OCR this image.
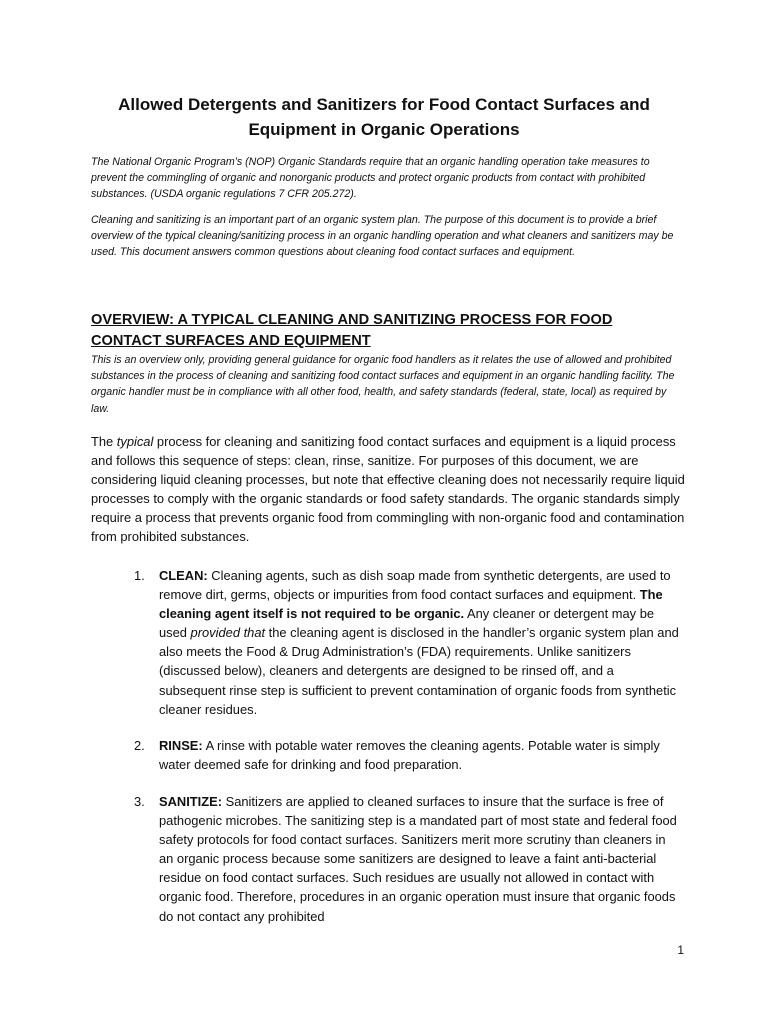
Allowed Detergents and Sanitizers for Food Contact Surfaces and
Equipment in Organic Operations
The National Organic Program’s (NOP) Organic Standards require that an organic handling operation take measures to prevent the commingling of organic and nonorganic products and protect organic products from contact with prohibited substances. (USDA organic regulations 7 CFR 205.272).
Cleaning and sanitizing is an important part of an organic system plan. The purpose of this document is to provide a brief overview of the typical cleaning/sanitizing process in an organic handling operation and what cleaners and sanitizers may be used. This document answers common questions about cleaning food contact surfaces and equipment.
OVERVIEW: A TYPICAL CLEANING AND SANITIZING PROCESS FOR FOOD
CONTACT SURFACES AND EQUIPMENT
This is an overview only, providing general guidance for organic food handlers as it relates the use of allowed and prohibited substances in the process of cleaning and sanitizing food contact surfaces and equipment in an organic handling facility. The organic handler must be in compliance with all other food, health, and safety standards (federal, state, local) as required by law.
The typical process for cleaning and sanitizing food contact surfaces and equipment is a liquid process and follows this sequence of steps: clean, rinse, sanitize. For purposes of this document, we are considering liquid cleaning processes, but note that effective cleaning does not necessarily require liquid processes to comply with the organic standards or food safety standards. The organic standards simply require a process that prevents organic food from commingling with non-organic food and contamination from prohibited substances.
1.	CLEAN: Cleaning agents, such as dish soap made from synthetic detergents, are used to remove dirt, germs, objects or impurities from food contact surfaces and equipment. The cleaning agent itself is not required to be organic. Any cleaner or detergent may be used provided that the cleaning agent is disclosed in the handler’s organic system plan and also meets the Food & Drug Administration’s (FDA) requirements. Unlike sanitizers (discussed below), cleaners and detergents are designed to be rinsed off, and a subsequent rinse step is sufficient to prevent contamination of organic foods from synthetic cleaner residues.
2.	RINSE: A rinse with potable water removes the cleaning agents. Potable water is simply water deemed safe for drinking and food preparation.
3.	SANITIZE: Sanitizers are applied to cleaned surfaces to insure that the surface is free of pathogenic microbes. The sanitizing step is a mandated part of most state and federal food safety protocols for food contact surfaces. Sanitizers merit more scrutiny than cleaners in an organic process because some sanitizers are designed to leave a faint anti-bacterial residue on food contact surfaces. Such residues are usually not allowed in contact with organic food. Therefore, procedures in an organic operation must insure that organic foods do not contact any prohibited
1
